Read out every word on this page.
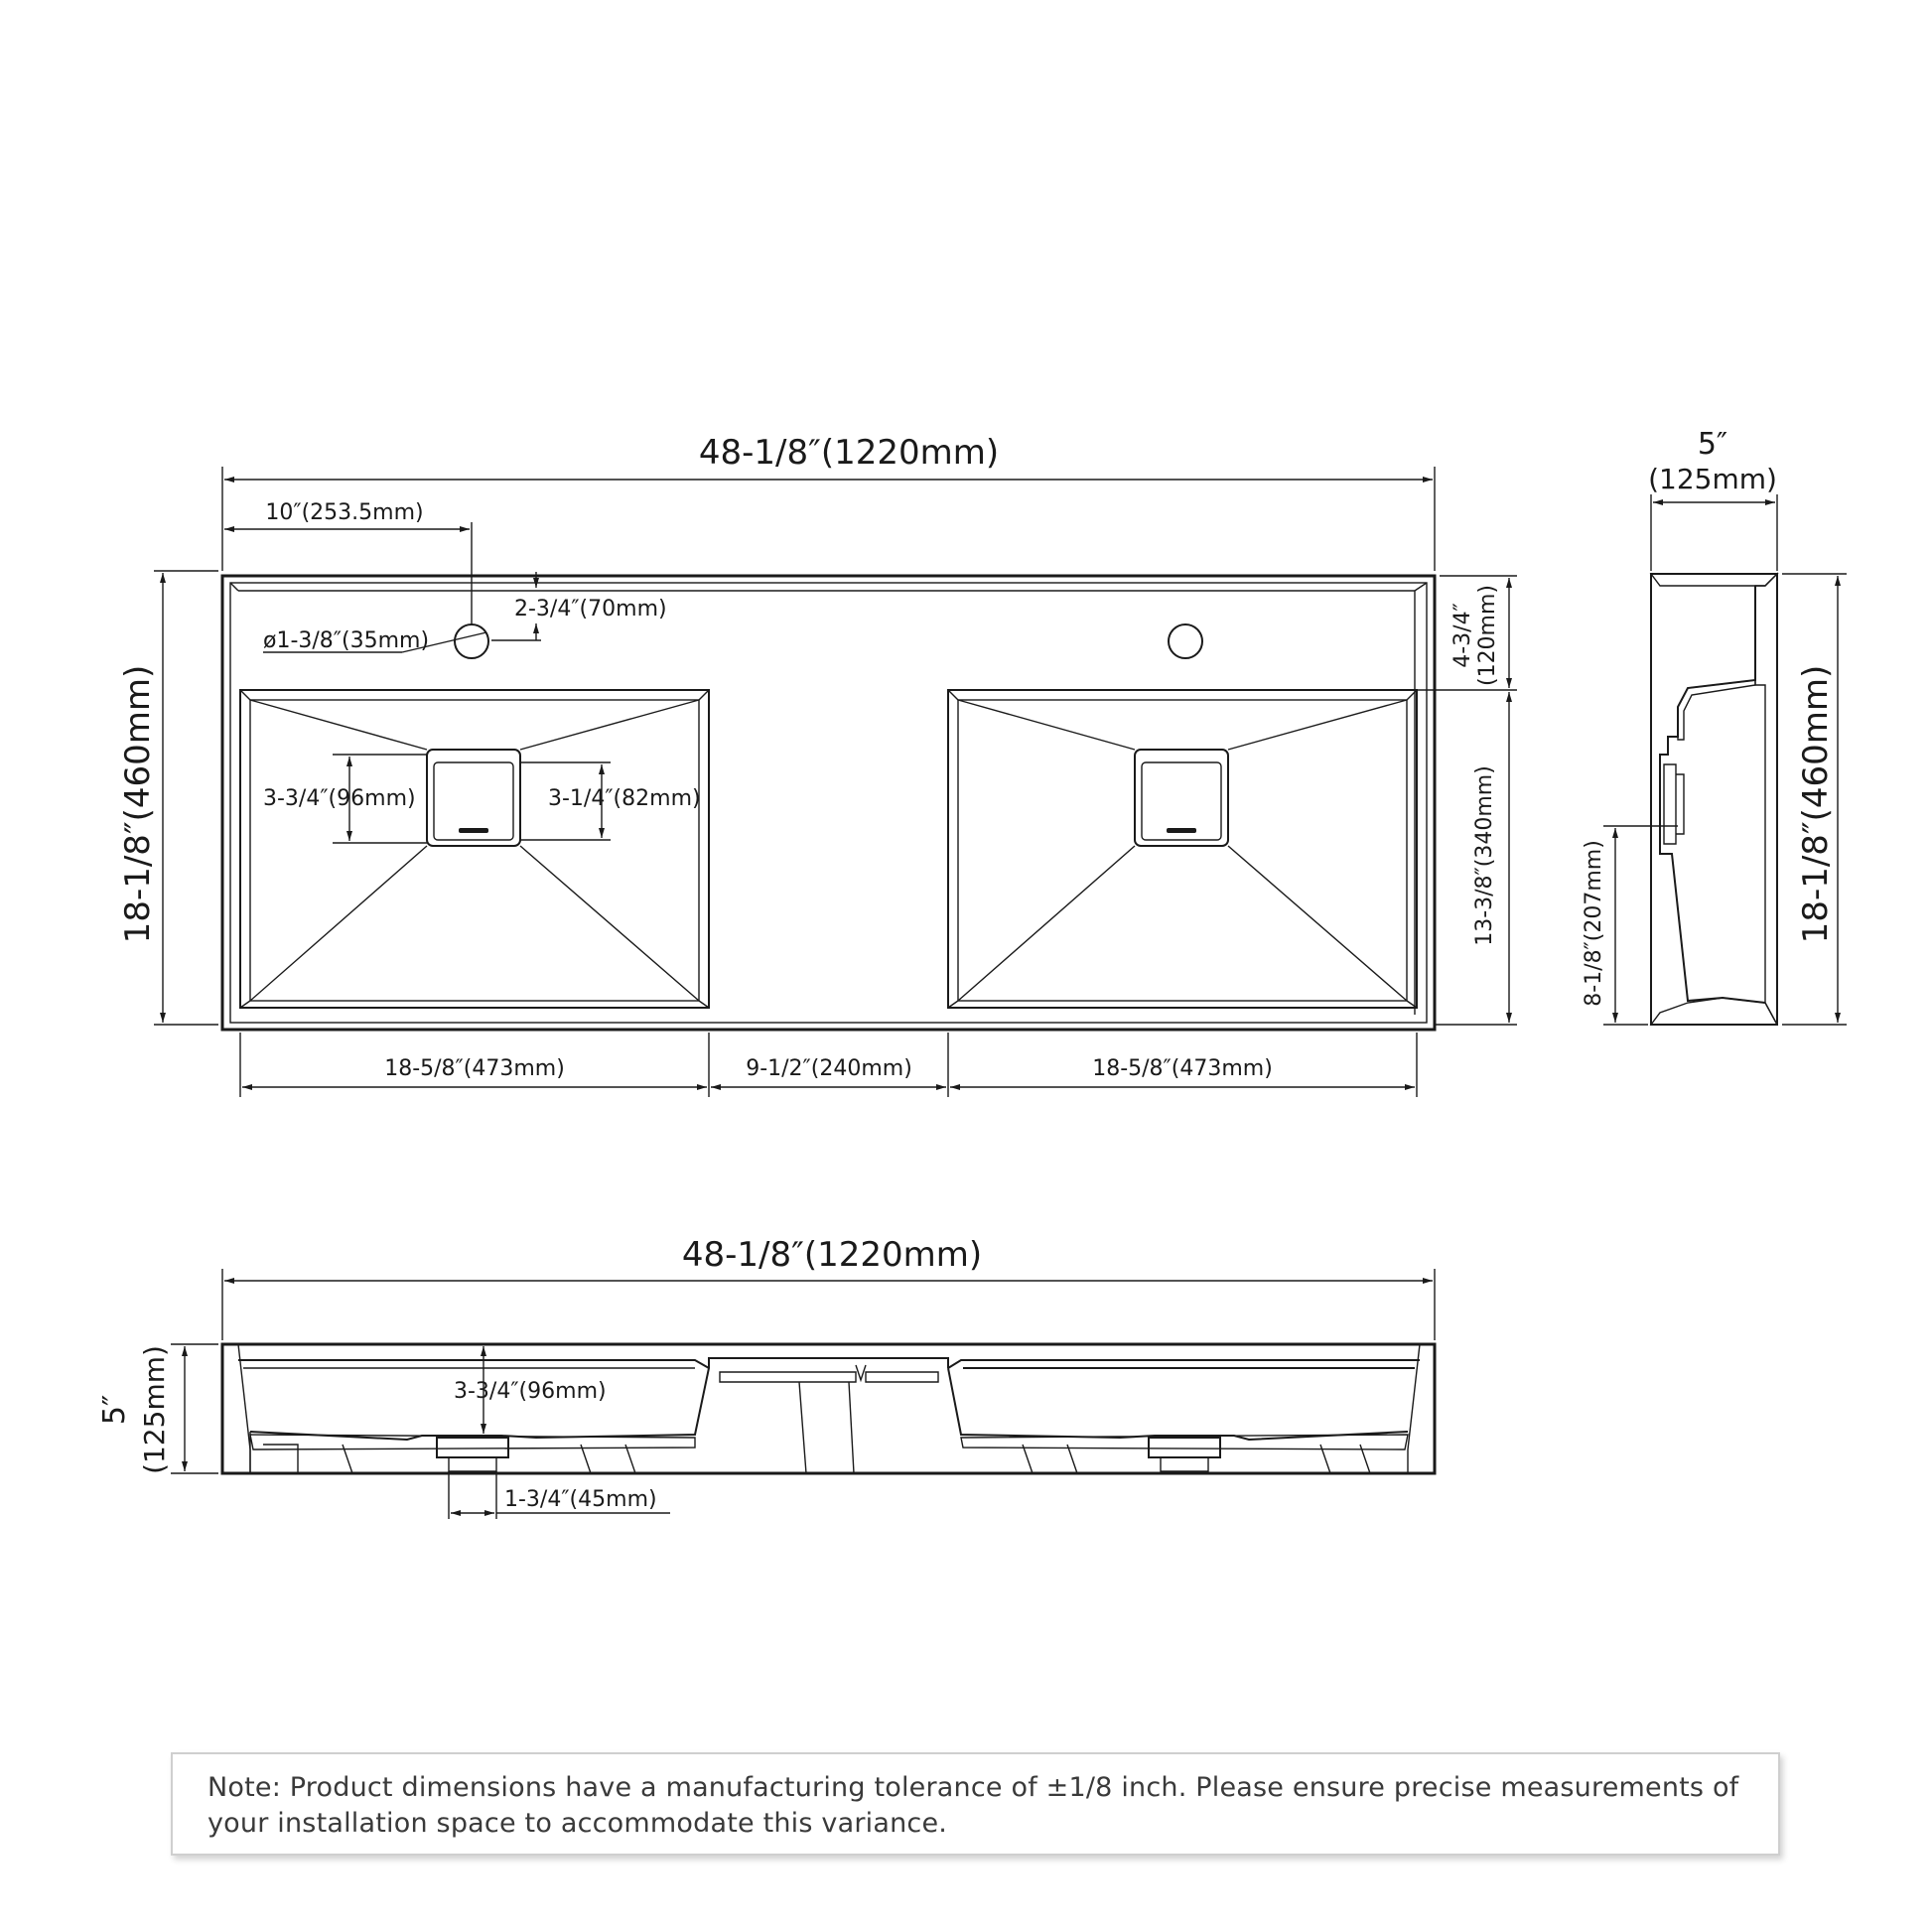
48-1/8″(1220mm)
10″(253.5mm)
2-3/4″(70mm)
ø1-3/8″(35mm)
3-3/4″(96mm)	3-1/4″(82mm)
18-1/8″(460mm)
4-3/4″ (120mm)
13-3/8″(340mm)
18-5/8″(473mm)	9-1/2″(240mm)	18-5/8″(473mm)
5″
(125mm)
8-1/8″(207mm)	18-1/8″(460mm)
48-1/8″(1220mm)
5″ (125mm)	3-3/4″(96mm)
1-3/4″(45mm)
Note: Product dimensions have a manufacturing tolerance of ±1/8 inch. Please ensure precise measurements of your installation space to accommodate this variance.
